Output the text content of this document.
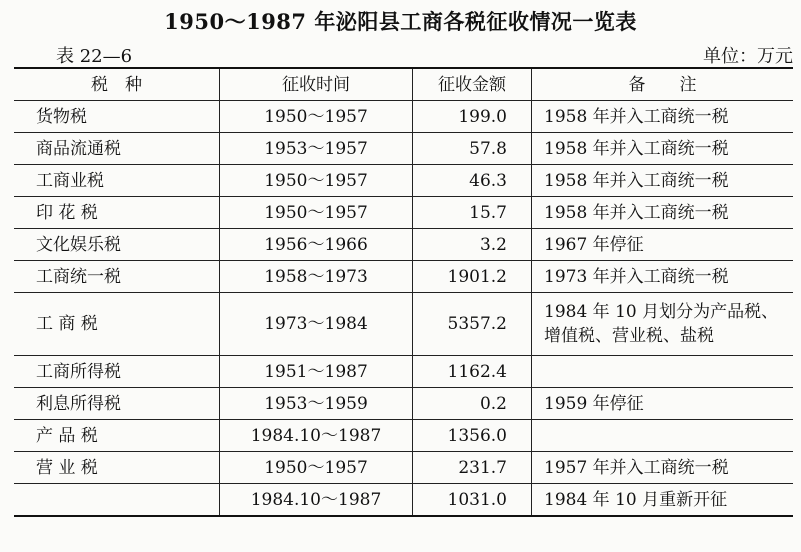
1950～1987 年泌阳县工商各税征收情况一览表
表 22—6	单位：万元
税　种	征收时间	征收金额	备　　注
货物税	1950～1957	199.0	1958 年并入工商统一税
商品流通税	1953～1957	57.8	1958 年并入工商统一税
工商业税	1950～1957	46.3	1958 年并入工商统一税
印 花 税	1950～1957	15.7	1958 年并入工商统一税
文化娱乐税	1956～1966	3.2	1967 年停征
工商统一税	1958～1973	1901.2	1973 年并入工商统一税
工 商 税	1973～1984	5357.2	1984 年 10 月划分为产品税、增值税、营业税、盐税
工商所得税	1951～1987	1162.4	
利息所得税	1953～1959	0.2	1959 年停征
产 品 税	1984.10～1987	1356.0	
营 业 税	1950～1957	231.7	1957 年并入工商统一税
	1984.10～1987	1031.0	1984 年 10 月重新开征
